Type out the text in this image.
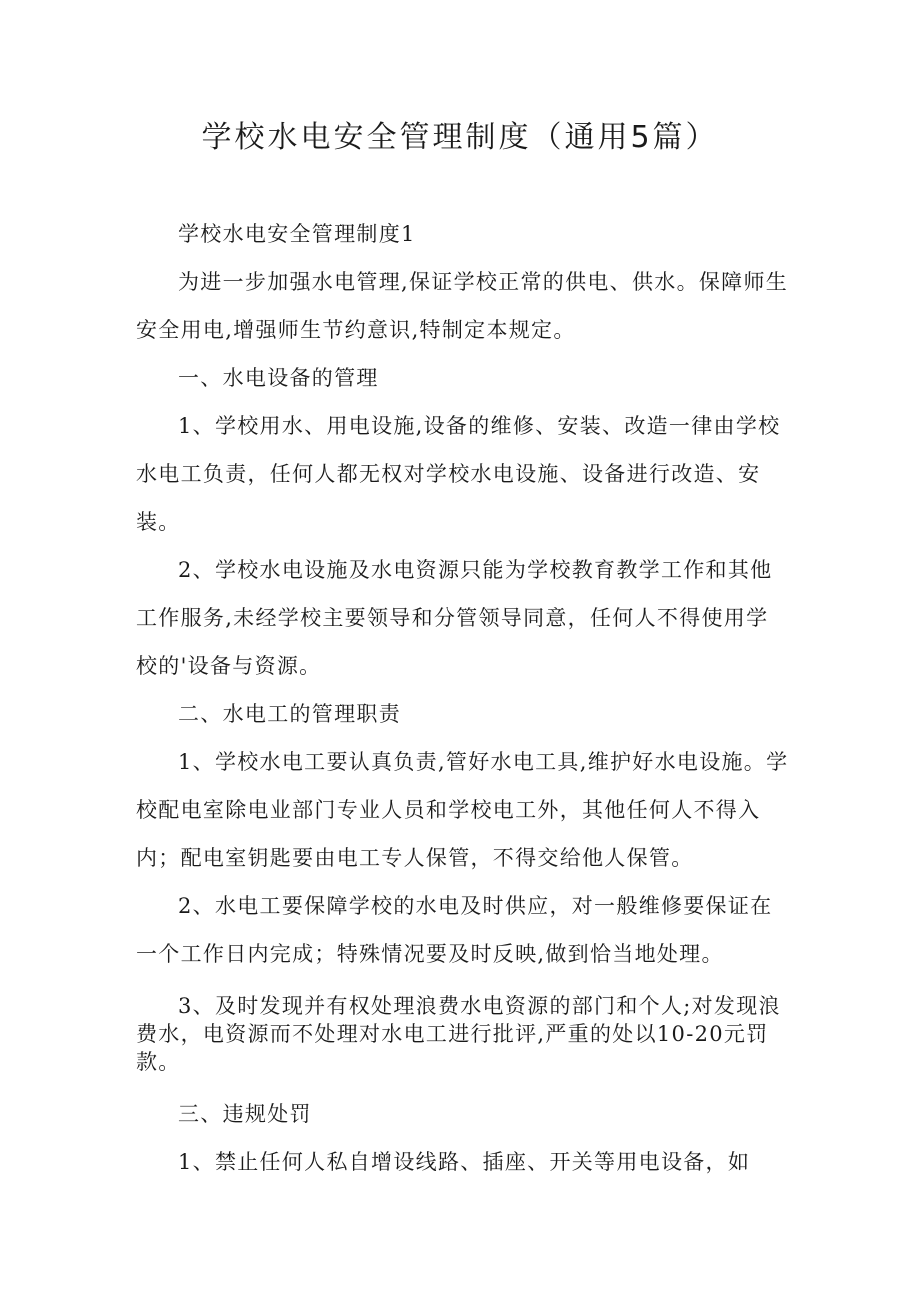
学校水电安全管理制度（通用5篇）

学校水电安全管理制度1

为进一步加强水电管理,保证学校正常的供电、供水。保障师生安全用电,增强师生节约意识,特制定本规定。

一、水电设备的管理

1、学校用水、用电设施,设备的维修、安装、改造一律由学校水电工负责，任何人都无权对学校水电设施、设备进行改造、安装。

2、学校水电设施及水电资源只能为学校教育教学工作和其他工作服务,未经学校主要领导和分管领导同意，任何人不得使用学校的'设备与资源。

二、水电工的管理职责

1、学校水电工要认真负责,管好水电工具,维护好水电设施。学校配电室除电业部门专业人员和学校电工外，其他任何人不得入内；配电室钥匙要由电工专人保管，不得交给他人保管。

2、水电工要保障学校的水电及时供应，对一般维修要保证在一个工作日内完成；特殊情况要及时反映,做到恰当地处理。

3、及时发现并有权处理浪费水电资源的部门和个人;对发现浪费水，电资源而不处理对水电工进行批评,严重的处以10-20元罚款。

三、违规处罚

1、禁止任何人私自增设线路、插座、开关等用电设备，如
